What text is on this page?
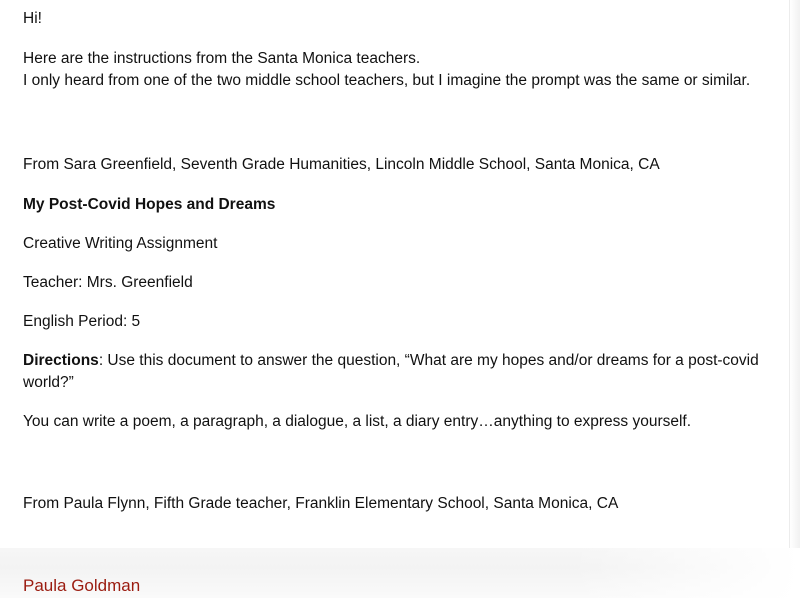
Hi!

Here are the instructions from the Santa Monica teachers.

I only heard from one of the two middle school teachers, but I imagine the prompt was the same or similar.

From Sara Greenfield, Seventh Grade Humanities, Lincoln Middle School, Santa Monica, CA

My Post-Covid Hopes and Dreams

Creative Writing Assignment

Teacher: Mrs. Greenfield

English Period: 5

Directions: Use this document to answer the question, “What are my hopes and/or dreams for a post-covid world?”

You can write a poem, a paragraph, a dialogue, a list, a diary entry…anything to express yourself.

From Paula Flynn, Fifth Grade teacher, Franklin Elementary School, Santa Monica, CA

Paula Goldman
